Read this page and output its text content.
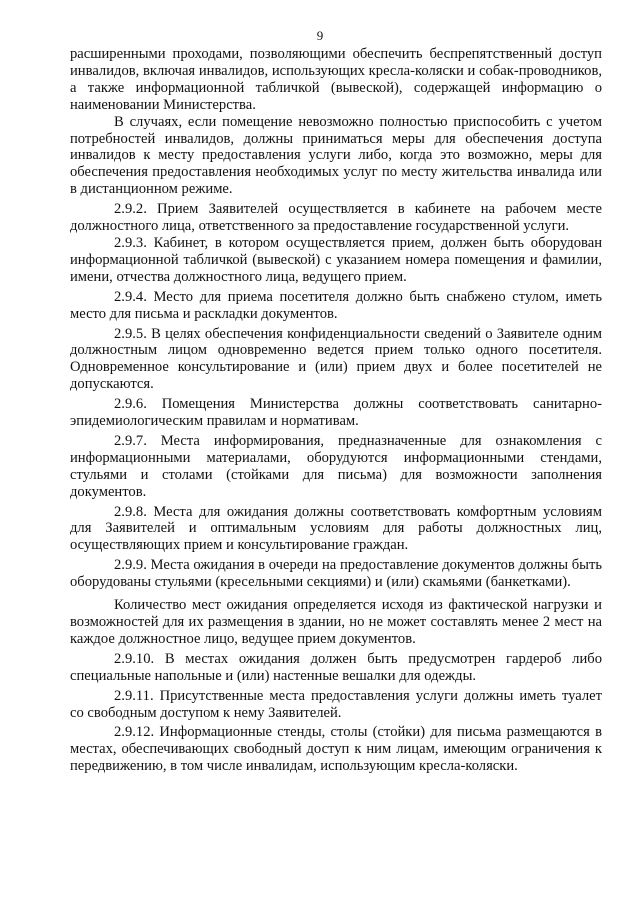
9

расширенными проходами, позволяющими обеспечить беспрепятственный доступ инвалидов, включая инвалидов, использующих кресла-коляски и собак-проводников, а также информационной табличкой (вывеской), содержащей информацию о наименовании Министерства.

В случаях, если помещение невозможно полностью приспособить с учетом потребностей инвалидов, должны приниматься меры для обеспечения доступа инвалидов к месту предоставления услуги либо, когда это возможно, меры для обеспечения предоставления необходимых услуг по месту жительства инвалида или в дистанционном режиме.

2.9.2. Прием Заявителей осуществляется в кабинете на рабочем месте должностного лица, ответственного за предоставление государственной услуги.

2.9.3. Кабинет, в котором осуществляется прием, должен быть оборудован информационной табличкой (вывеской) с указанием номера помещения и фамилии, имени, отчества должностного лица, ведущего прием.

2.9.4. Место для приема посетителя должно быть снабжено стулом, иметь место для письма и раскладки документов.

2.9.5. В целях обеспечения конфиденциальности сведений о Заявителе одним должностным лицом одновременно ведется прием только одного посетителя. Одновременное консультирование и (или) прием двух и более посетителей не допускаются.

2.9.6. Помещения Министерства должны соответствовать санитарно-эпидемиологическим правилам и нормативам.

2.9.7. Места информирования, предназначенные для ознакомления с информационными материалами, оборудуются информационными стендами, стульями и столами (стойками для письма) для возможности заполнения документов.

2.9.8. Места для ожидания должны соответствовать комфортным условиям для Заявителей и оптимальным условиям для работы должностных лиц, осуществляющих прием и консультирование граждан.

2.9.9. Места ожидания в очереди на предоставление документов должны быть оборудованы стульями (кресельными секциями) и (или) скамьями (банкетками).

Количество мест ожидания определяется исходя из фактической нагрузки и возможностей для их размещения в здании, но не может составлять менее 2 мест на каждое должностное лицо, ведущее прием документов.

2.9.10. В местах ожидания должен быть предусмотрен гардероб либо специальные напольные и (или) настенные вешалки для одежды.

2.9.11. Присутственные места предоставления услуги должны иметь туалет со свободным доступом к нему Заявителей.

2.9.12. Информационные стенды, столы (стойки) для письма размещаются в местах, обеспечивающих свободный доступ к ним лицам, имеющим ограничения к передвижению, в том числе инвалидам, использующим кресла-коляски.
